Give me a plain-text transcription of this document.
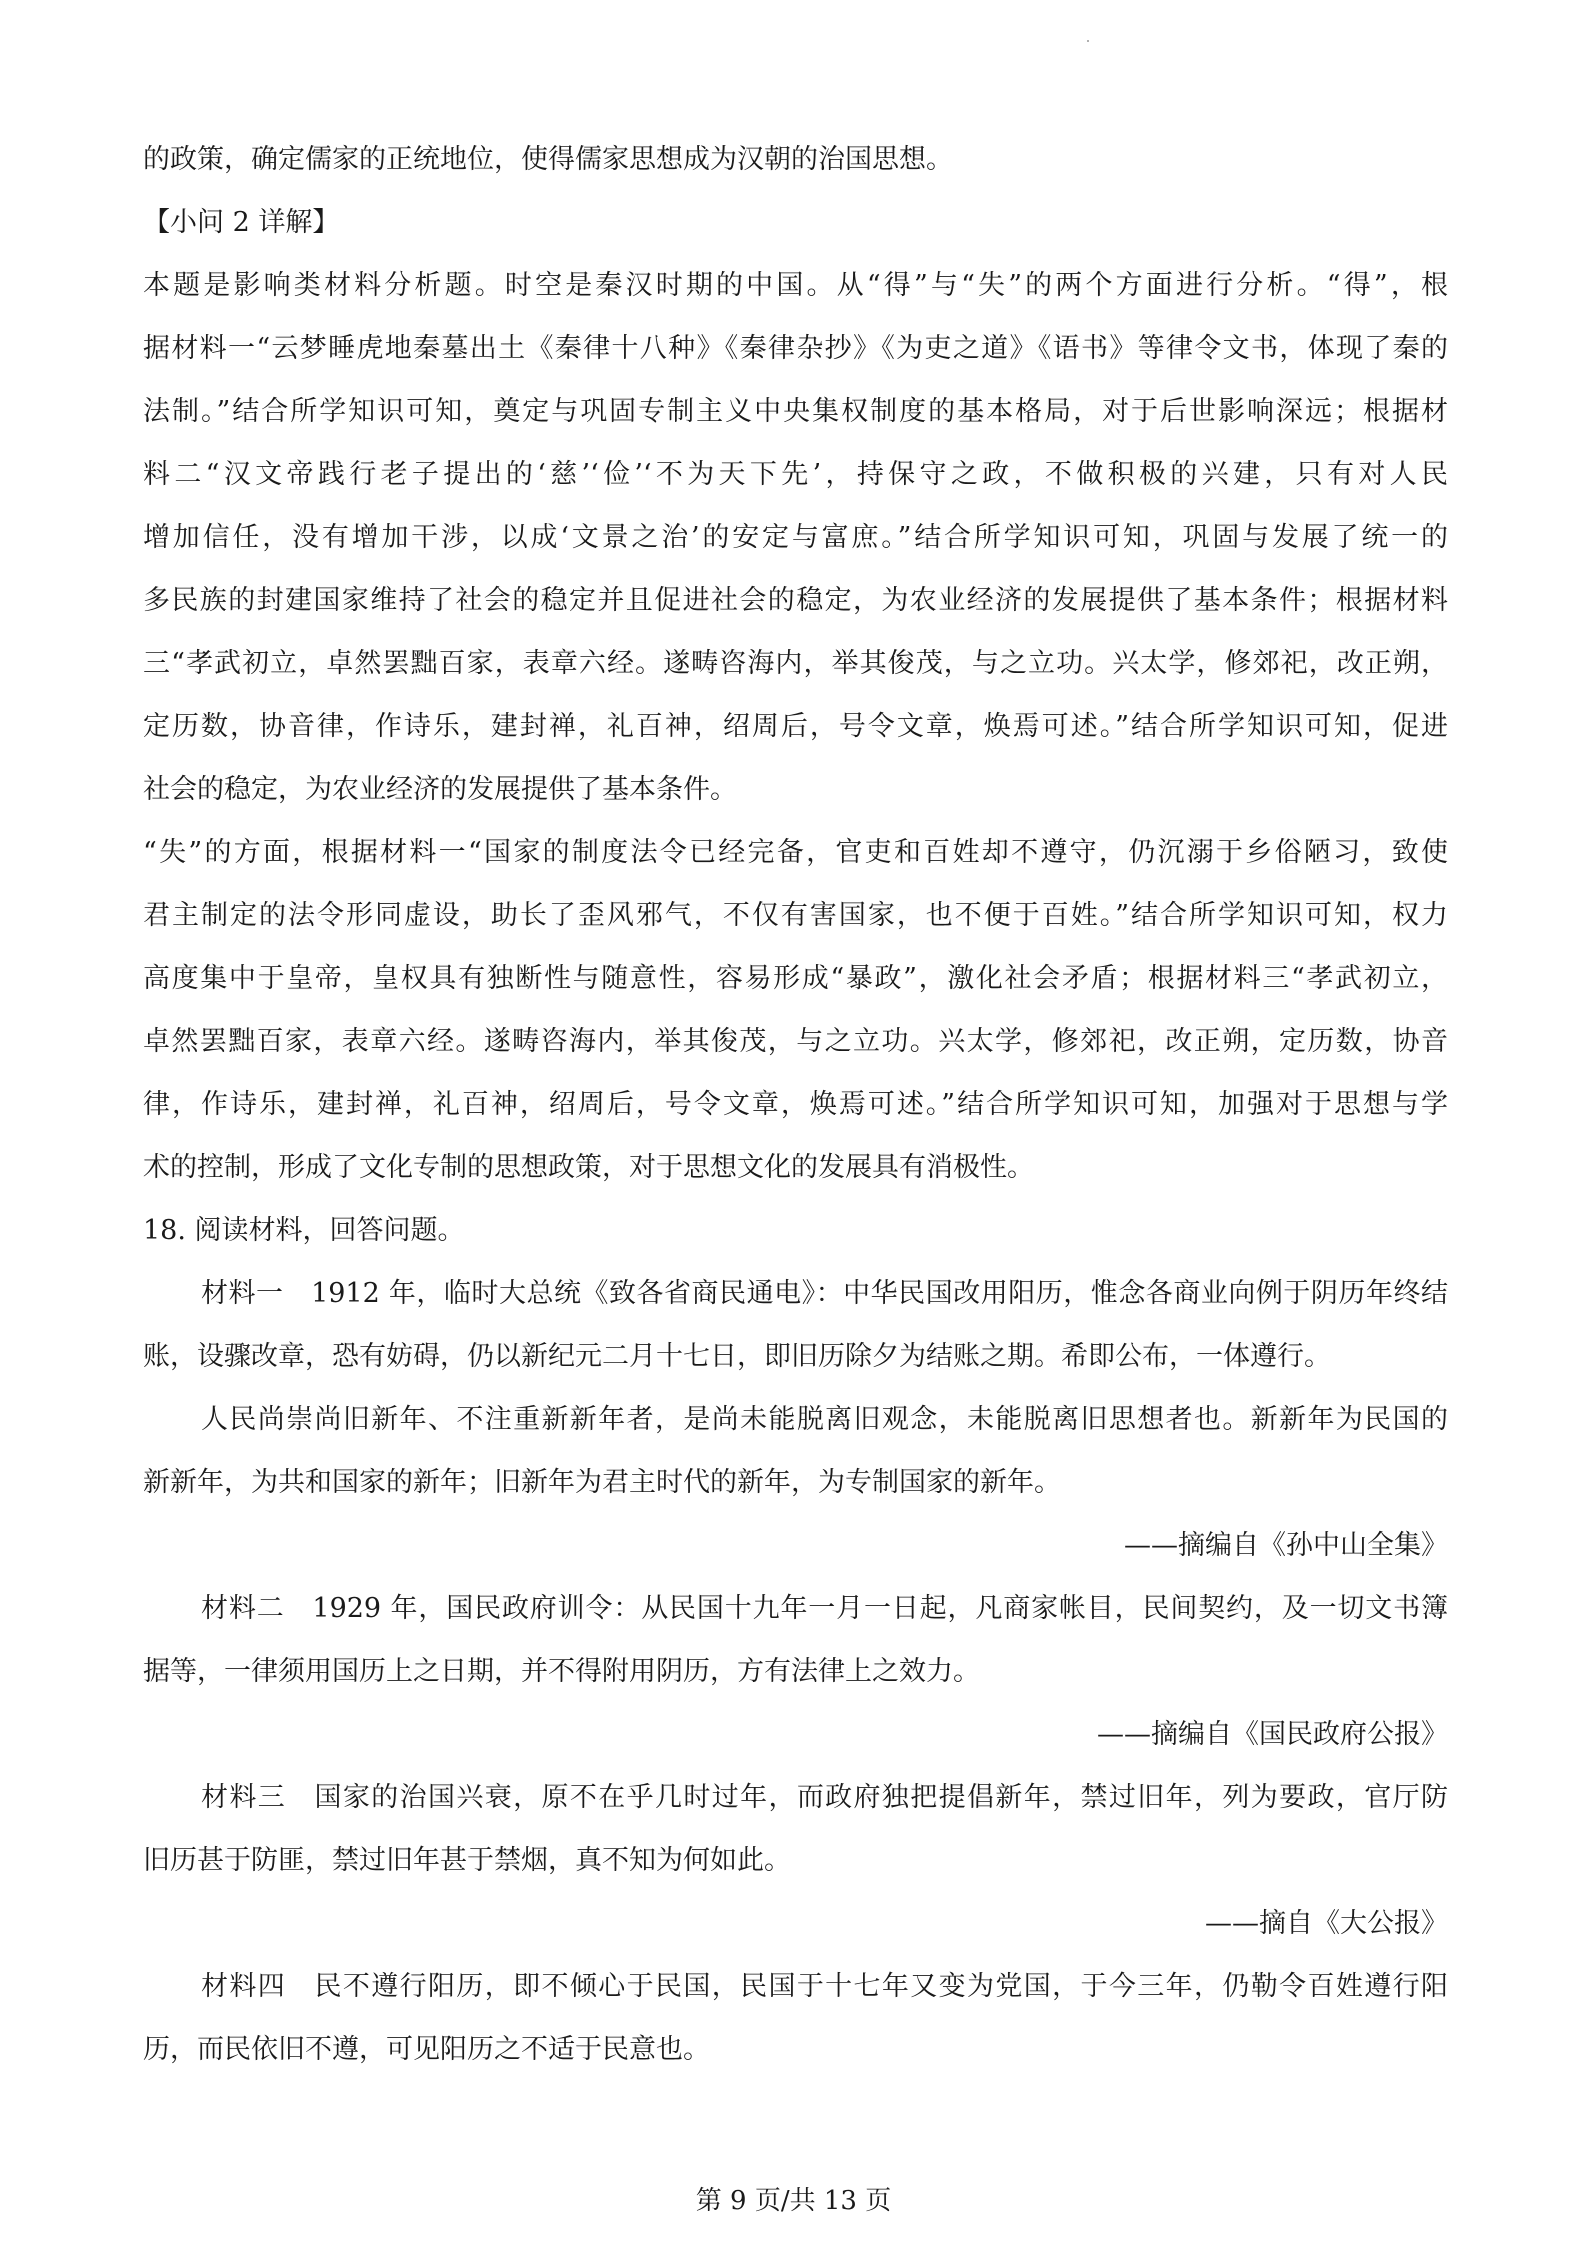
的政策，确定儒家的正统地位，使得儒家思想成为汉朝的治国思想。
【小问 2 详解】
本题是影响类材料分析题。时空是秦汉时期的中国。从“得”与“失”的两个方面进行分析。“得”，根
据材料一“云梦睡虎地秦墓出土《秦律十八种》《秦律杂抄》《为吏之道》《语书》等律令文书，体现了秦的
法制。”结合所学知识可知，奠定与巩固专制主义中央集权制度的基本格局，对于后世影响深远；根据材
料二“汉文帝践行老子提出的‘慈’‘俭’‘不为天下先’，持保守之政，不做积极的兴建，只有对人民
增加信任，没有增加干涉，以成‘文景之治’的安定与富庶。”结合所学知识可知，巩固与发展了统一的
多民族的封建国家维持了社会的稳定并且促进社会的稳定，为农业经济的发展提供了基本条件；根据材料
三“孝武初立，卓然罢黜百家，表章六经。遂畴咨海内，举其俊茂，与之立功。兴太学，修郊祀，改正朔，
定历数，协音律，作诗乐，建封禅，礼百神，绍周后，号令文章，焕焉可述。”结合所学知识可知，促进
社会的稳定，为农业经济的发展提供了基本条件。
“失”的方面，根据材料一“国家的制度法令已经完备，官吏和百姓却不遵守，仍沉溺于乡俗陋习，致使
君主制定的法令形同虚设，助长了歪风邪气，不仅有害国家，也不便于百姓。”结合所学知识可知，权力
高度集中于皇帝，皇权具有独断性与随意性，容易形成“暴政”，激化社会矛盾；根据材料三“孝武初立，
卓然罢黜百家，表章六经。遂畴咨海内，举其俊茂，与之立功。兴太学，修郊祀，改正朔，定历数，协音
律，作诗乐，建封禅，礼百神，绍周后，号令文章，焕焉可述。”结合所学知识可知，加强对于思想与学
术的控制，形成了文化专制的思想政策，对于思想文化的发展具有消极性。
18. 阅读材料，回答问题。
材料一　1912 年，临时大总统《致各省商民通电》：中华民国改用阳历，惟念各商业向例于阴历年终结
账，设骤改章，恐有妨碍，仍以新纪元二月十七日，即旧历除夕为结账之期。希即公布，一体遵行。
人民尚崇尚旧新年、不注重新新年者，是尚未能脱离旧观念，未能脱离旧思想者也。新新年为民国的
新新年，为共和国家的新年；旧新年为君主时代的新年，为专制国家的新年。
——摘编自《孙中山全集》
材料二　1929 年，国民政府训令：从民国十九年一月一日起，凡商家帐目，民间契约，及一切文书簿
据等，一律须用国历上之日期，并不得附用阴历，方有法律上之效力。
——摘编自《国民政府公报》
材料三　国家的治国兴衰，原不在乎几时过年，而政府独把提倡新年，禁过旧年，列为要政，官厅防
旧历甚于防匪，禁过旧年甚于禁烟，真不知为何如此。
——摘自《大公报》
材料四　民不遵行阳历，即不倾心于民国，民国于十七年又变为党国，于今三年，仍勒令百姓遵行阳
历，而民依旧不遵，可见阳历之不适于民意也。
第 9 页/共 13 页
